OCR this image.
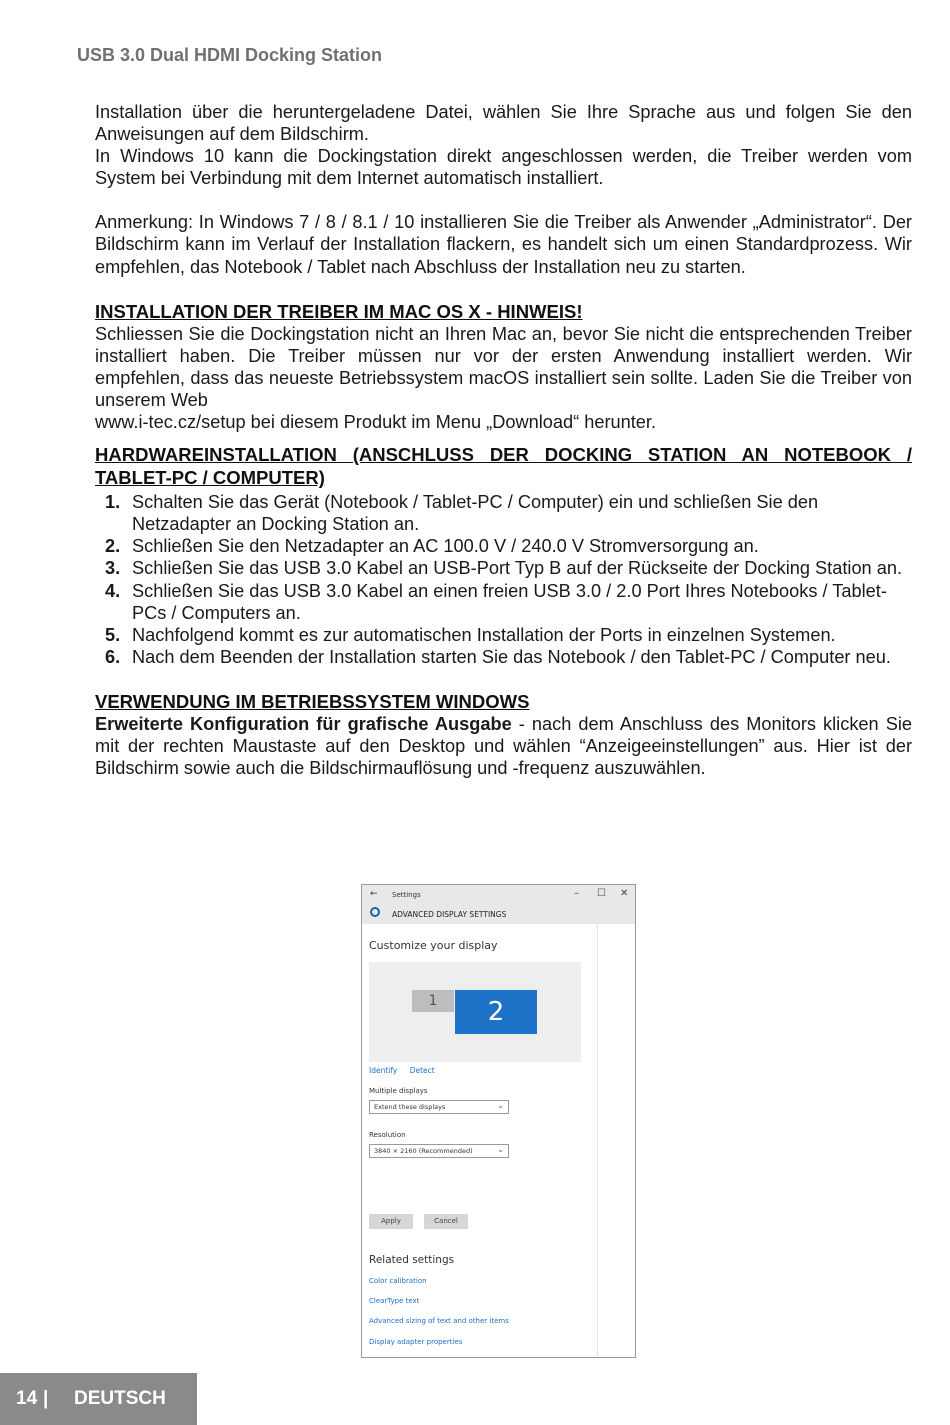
USB 3.0 Dual HDMI Docking Station

Installation über die heruntergeladene Datei, wählen Sie Ihre Sprache aus und folgen Sie den Anweisungen auf dem Bildschirm.

In Windows 10 kann die Dockingstation direkt angeschlossen werden, die Treiber werden vom System bei Verbindung mit dem Internet automatisch installiert.

Anmerkung: In Windows 7 / 8 / 8.1 / 10 installieren Sie die Treiber als Anwender „Administrator“. Der Bildschirm kann im Verlauf der Installation flackern, es handelt sich um einen Standardprozess. Wir empfehlen, das Notebook / Tablet nach Abschluss der Installation neu zu starten.

INSTALLATION DER TREIBER IM MAC OS X - HINWEIS!

Schliessen Sie die Dockingstation nicht an Ihren Mac an, bevor Sie nicht die entsprechenden Treiber installiert haben. Die Treiber müssen nur vor der ersten Anwendung installiert werden. Wir empfehlen, dass das neueste Betriebssystem macOS installiert sein sollte. Laden Sie die Treiber von unserem Web

www.i-tec.cz/setup bei diesem Produkt im Menu „Download“ herunter.

HARDWAREINSTALLATION (ANSCHLUSS DER DOCKING STATION AN NOTEBOOK / TABLET-PC / COMPUTER)
1. Schalten Sie das Gerät (Notebook / Tablet-PC / Computer) ein und schließen Sie den Netzadapter an Docking Station an.
2. Schließen Sie den Netzadapter an AC 100.0 V / 240.0 V Stromversorgung an.
3. Schließen Sie das USB 3.0 Kabel an USB-Port Typ B auf der Rückseite der Docking Station an.
4. Schließen Sie das USB 3.0 Kabel an einen freien USB 3.0 / 2.0 Port Ihres Notebooks / Tablet-PCs / Computers an.
5. Nachfolgend kommt es zur automatischen Installation der Ports in einzelnen Systemen.
6. Nach dem Beenden der Installation starten Sie das Notebook / den Tablet-PC / Computer neu.
VERWENDUNG IM BETRIEBSSYSTEM WINDOWS

Erweiterte Konfiguration für grafische Ausgabe - nach dem Anschluss des Monitors klicken Sie mit der rechten Maustaste auf den Desktop und wählen “Anzeigeeinstellungen” aus. Hier ist der Bildschirm sowie auch die Bildschirmauflösung und -frequenz auszuwählen.

← Settings	– ☐ ✕
ADVANCED DISPLAY SETTINGS
Customize your display
1	2
Identify Detect
Multiple displays
Extend these displays	⌄
Resolution
3840 × 2160 (Recommended)	⌄
Apply	Cancel
Related settings
Color calibration
ClearType text
Advanced sizing of text and other items
Display adapter properties
14 | DEUTSCH
